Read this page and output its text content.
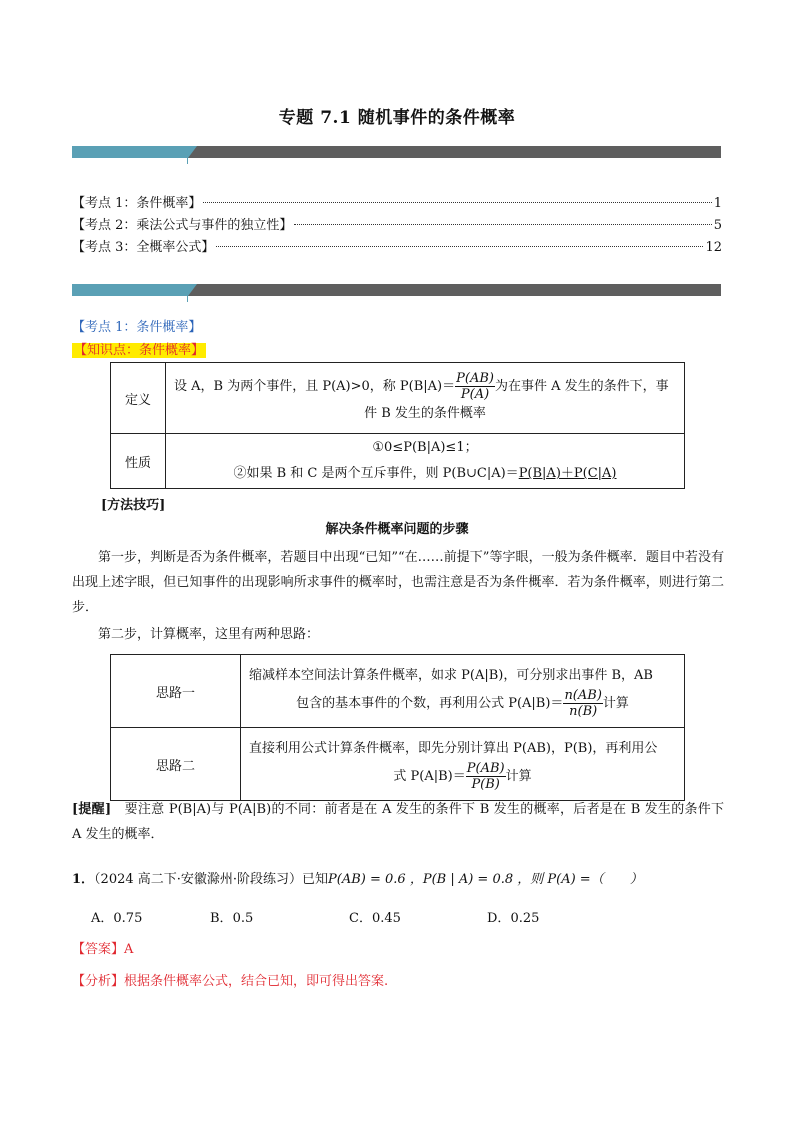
专题 7.1 随机事件的条件概率
【考点 1：条件概率】	1
【考点 2：乘法公式与事件的独立性】	5
【考点 3：全概率公式】	12
【考点 1：条件概率】
【知识点：条件概率】
定义	设 A，B 为两个事件，且 P(A)>0，称 $P(B|A)= \frac{P(AB)}{P(A)}$ 为在事件 A 发生的条件下，事

件 B 发生的条件概率

性质	①0≤P(B|A)≤1；
②如果 B 和 C 是两个互斥事件，则 P(B∪C|A)＝P(B|A)＋P(C|A)
[方法技巧]
解决条件概率问题的步骤
第一步，判断是否为条件概率，若题目中出现“已知”“在……前提下”等字眼，一般为条件概率．题目中若没有出现上述字眼，但已知事件的出现影响所求事件的概率时，也需注意是否为条件概率．若为条件概率，则进行第二步．
第二步，计算概率，这里有两种思路：
思路一	缩减样本空间法计算条件概率，如求 P(A|B)，可分别求出事件 B，AB
包含的基本事件的个数，再利用公式 $P(A|B)= \frac{n(AB)}{n(B)}$ 计算

思路二	直接利用公式计算条件概率，即先分别计算出 P(AB)，P(B)，再利用公
式 $P(A|B)= \frac{P(AB)}{P(B)}$ 计算
[提醒]　 要注意 P(B|A)与 P(A|B)的不同：前者是在 A 发生的条件下 B 发生的概率，后者是在 B 发生的条件下 A 发生的概率．
1．（2024 高二下·安徽滁州·阶段练习）已知P(AB) = 0.6 ，P(B | A) = 0.8 ，则 P(A) =（　　）
A．0.75	B．0.5	C．0.45	D．0.25
【答案】A
【分析】根据条件概率公式，结合已知，即可得出答案.
